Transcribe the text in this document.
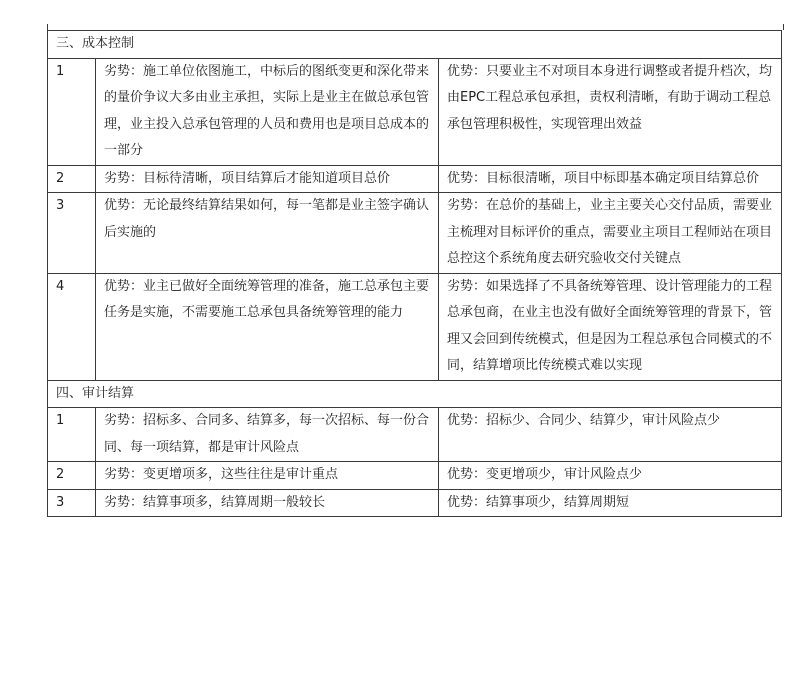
三、成本控制		
1	劣势：施工单位依图施工，中标后的图纸变更和深化带来的量价争议大多由业主承担，实际上是业主在做总承包管理，业主投入总承包管理的人员和费用也是项目总成本的一部分	优势：只要业主不对项目本身进行调整或者提升档次，均由EPC工程总承包承担，责权利清晰，有助于调动工程总承包管理积极性，实现管理出效益
2	劣势：目标待清晰，项目结算后才能知道项目总价	优势：目标很清晰，项目中标即基本确定项目结算总价
3	优势：无论最终结算结果如何，每一笔都是业主签字确认后实施的	劣势：在总价的基础上，业主主要关心交付品质，需要业主梳理对目标评价的重点，需要业主项目工程师站在项目总控这个系统角度去研究验收交付关键点
4	优势：业主已做好全面统筹管理的准备，施工总承包主要任务是实施，不需要施工总承包具备统筹管理的能力	劣势：如果选择了不具备统筹管理、设计管理能力的工程总承包商，在业主也没有做好全面统筹管理的背景下，管理又会回到传统模式，但是因为工程总承包合同模式的不同，结算增项比传统模式难以实现
四、审计结算		
1	劣势：招标多、合同多、结算多，每一次招标、每一份合同、每一项结算，都是审计风险点	优势：招标少、合同少、结算少，审计风险点少
2	劣势：变更增项多，这些往往是审计重点	优势：变更增项少，审计风险点少
3	劣势：结算事项多，结算周期一般较长	优势：结算事项少，结算周期短
